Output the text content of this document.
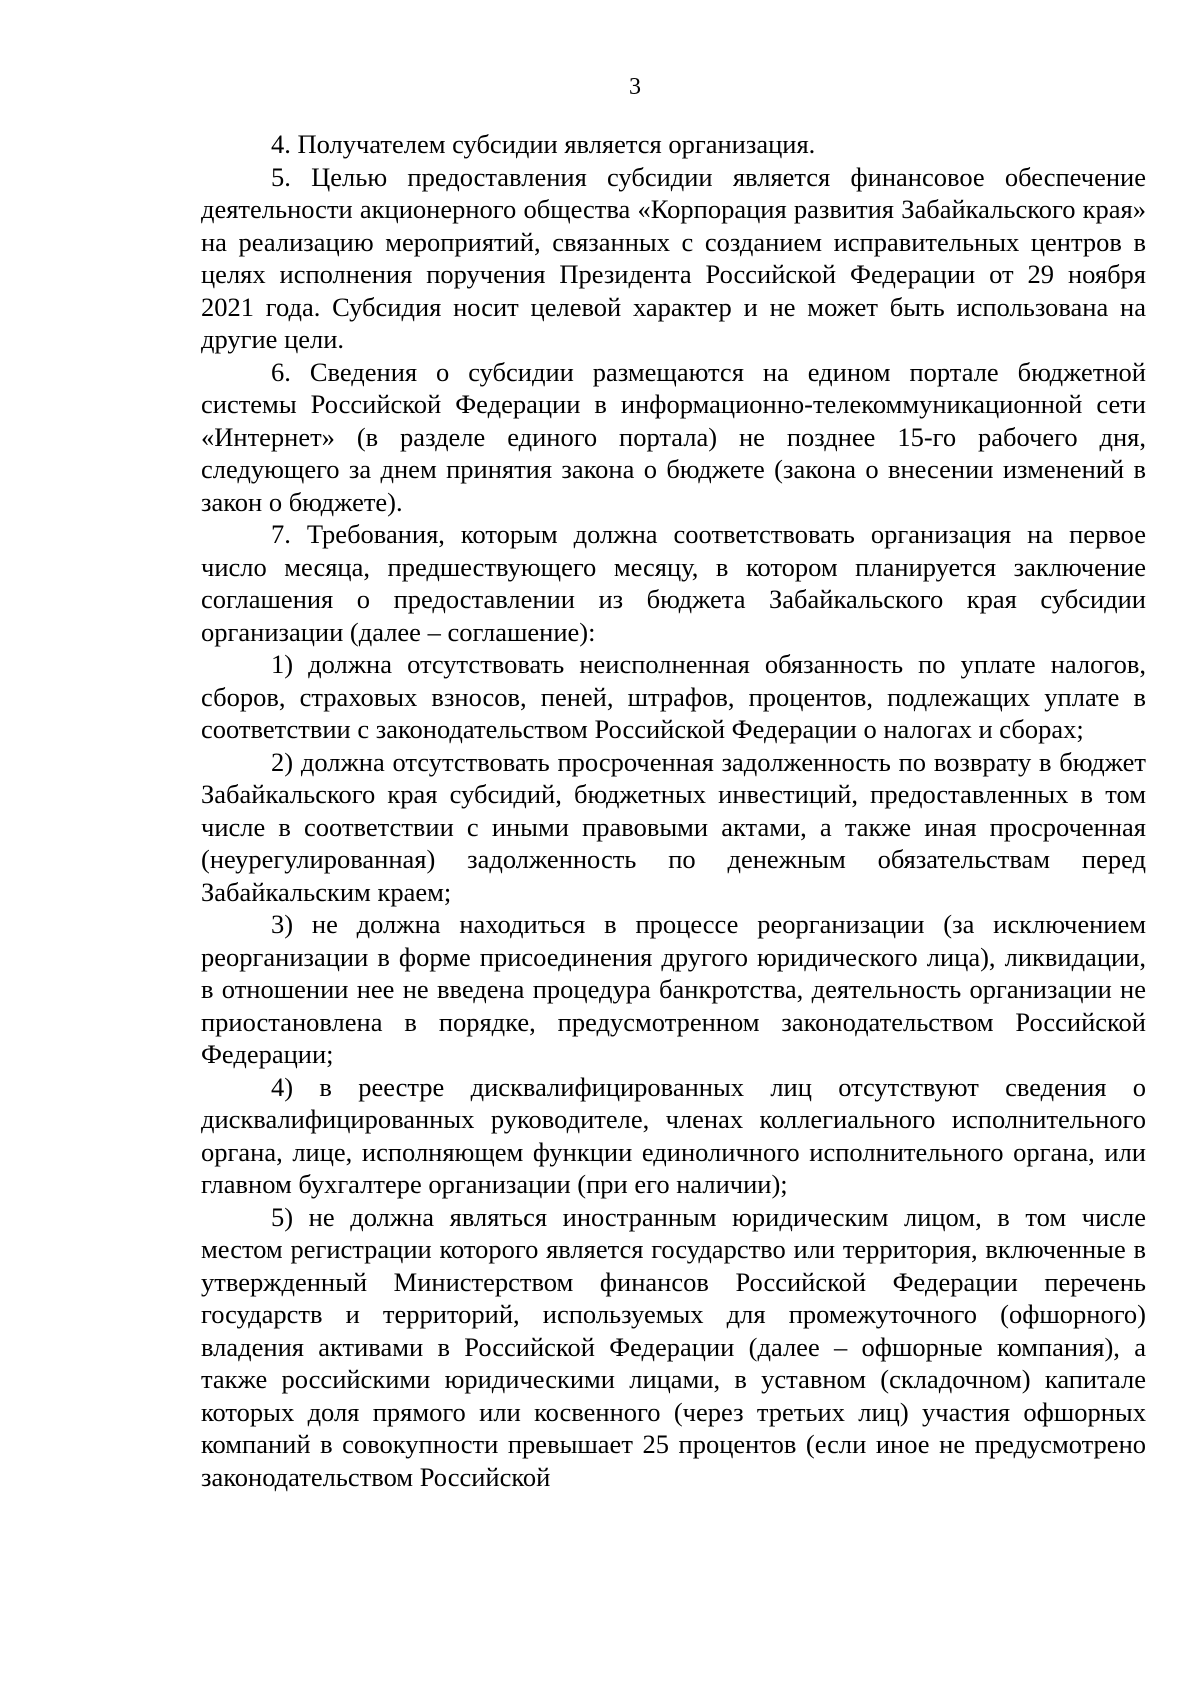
3

4. Получателем субсидии является организация.

5. Целью предоставления субсидии является финансовое обеспечение деятельности акционерного общества «Корпорация развития Забайкальского края» на реализацию мероприятий, связанных с созданием исправительных центров в целях исполнения поручения Президента Российской Федерации от 29 ноября 2021 года. Субсидия носит целевой характер и не может быть использована на другие цели.

6. Сведения о субсидии размещаются на едином портале бюджетной системы Российской Федерации в информационно-телекоммуникационной сети «Интернет» (в разделе единого портала) не позднее 15-го рабочего дня, следующего за днем принятия закона о бюджете (закона о внесении изменений в закон о бюджете).

7. Требования, которым должна соответствовать организация на первое число месяца, предшествующего месяцу, в котором планируется заключение соглашения о предоставлении из бюджета Забайкальского края субсидии организации (далее – соглашение):

1) должна отсутствовать неисполненная обязанность по уплате налогов, сборов, страховых взносов, пеней, штрафов, процентов, подлежащих уплате в соответствии с законодательством Российской Федерации о налогах и сборах;

2) должна отсутствовать просроченная задолженность по возврату в бюджет Забайкальского края субсидий, бюджетных инвестиций, предоставленных в том числе в соответствии с иными правовыми актами, а также иная просроченная (неурегулированная) задолженность по денежным обязательствам перед Забайкальским краем;

3) не должна находиться в процессе реорганизации (за исключением реорганизации в форме присоединения другого юридического лица), ликвидации, в отношении нее не введена процедура банкротства, деятельность организации не приостановлена в порядке, предусмотренном законодательством Российской Федерации;

4) в реестре дисквалифицированных лиц отсутствуют сведения о дисквалифицированных руководителе, членах коллегиального исполнительного органа, лице, исполняющем функции единоличного исполнительного органа, или главном бухгалтере организации (при его наличии);

5) не должна являться иностранным юридическим лицом, в том числе местом регистрации которого является государство или территория, включенные в утвержденный Министерством финансов Российской Федерации перечень государств и территорий, используемых для промежуточного (офшорного) владения активами в Российской Федерации (далее – офшорные компания), а также российскими юридическими лицами, в уставном (складочном) капитале которых доля прямого или косвенного (через третьих лиц) участия офшорных компаний в совокупности превышает 25 процентов (если иное не предусмотрено законодательством Российской
